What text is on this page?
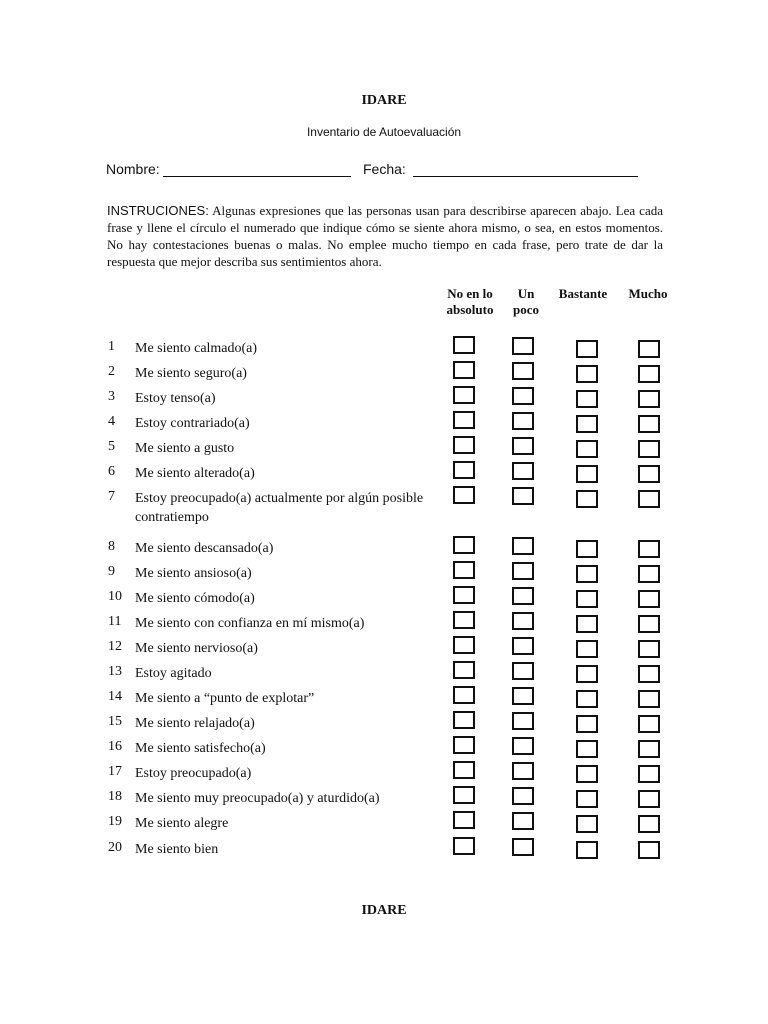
IDARE
Inventario de Autoevaluación
Nombre:	Fecha:
INSTRUCIONES: Algunas expresiones que las personas usan para describirse aparecen abajo. Lea cada frase y llene el círculo el numerado que indique cómo se siente ahora mismo, o sea, en estos momentos. No hay contestaciones buenas o malas. No emplee mucho tiempo en cada frase, pero trate de dar la respuesta que mejor describa sus sentimientos ahora.
No en lo
absoluto
Un
poco
Bastante	Mucho
1 Me siento calmado(a)
2 Me siento seguro(a)
3 Estoy tenso(a)
4 Estoy contrariado(a)
5 Me siento a gusto
6 Me siento alterado(a)
7 Estoy preocupado(a) actualmente por algún posible contratiempo
8 Me siento descansado(a)
9 Me siento ansioso(a)
10 Me siento cómodo(a)
11 Me siento con confianza en mí mismo(a)
12 Me siento nervioso(a)
13 Estoy agitado
14 Me siento a “punto de explotar”
15 Me siento relajado(a)
16 Me siento satisfecho(a)
17 Estoy preocupado(a)
18 Me siento muy preocupado(a) y aturdido(a)
19 Me siento alegre
20 Me siento bien
IDARE
